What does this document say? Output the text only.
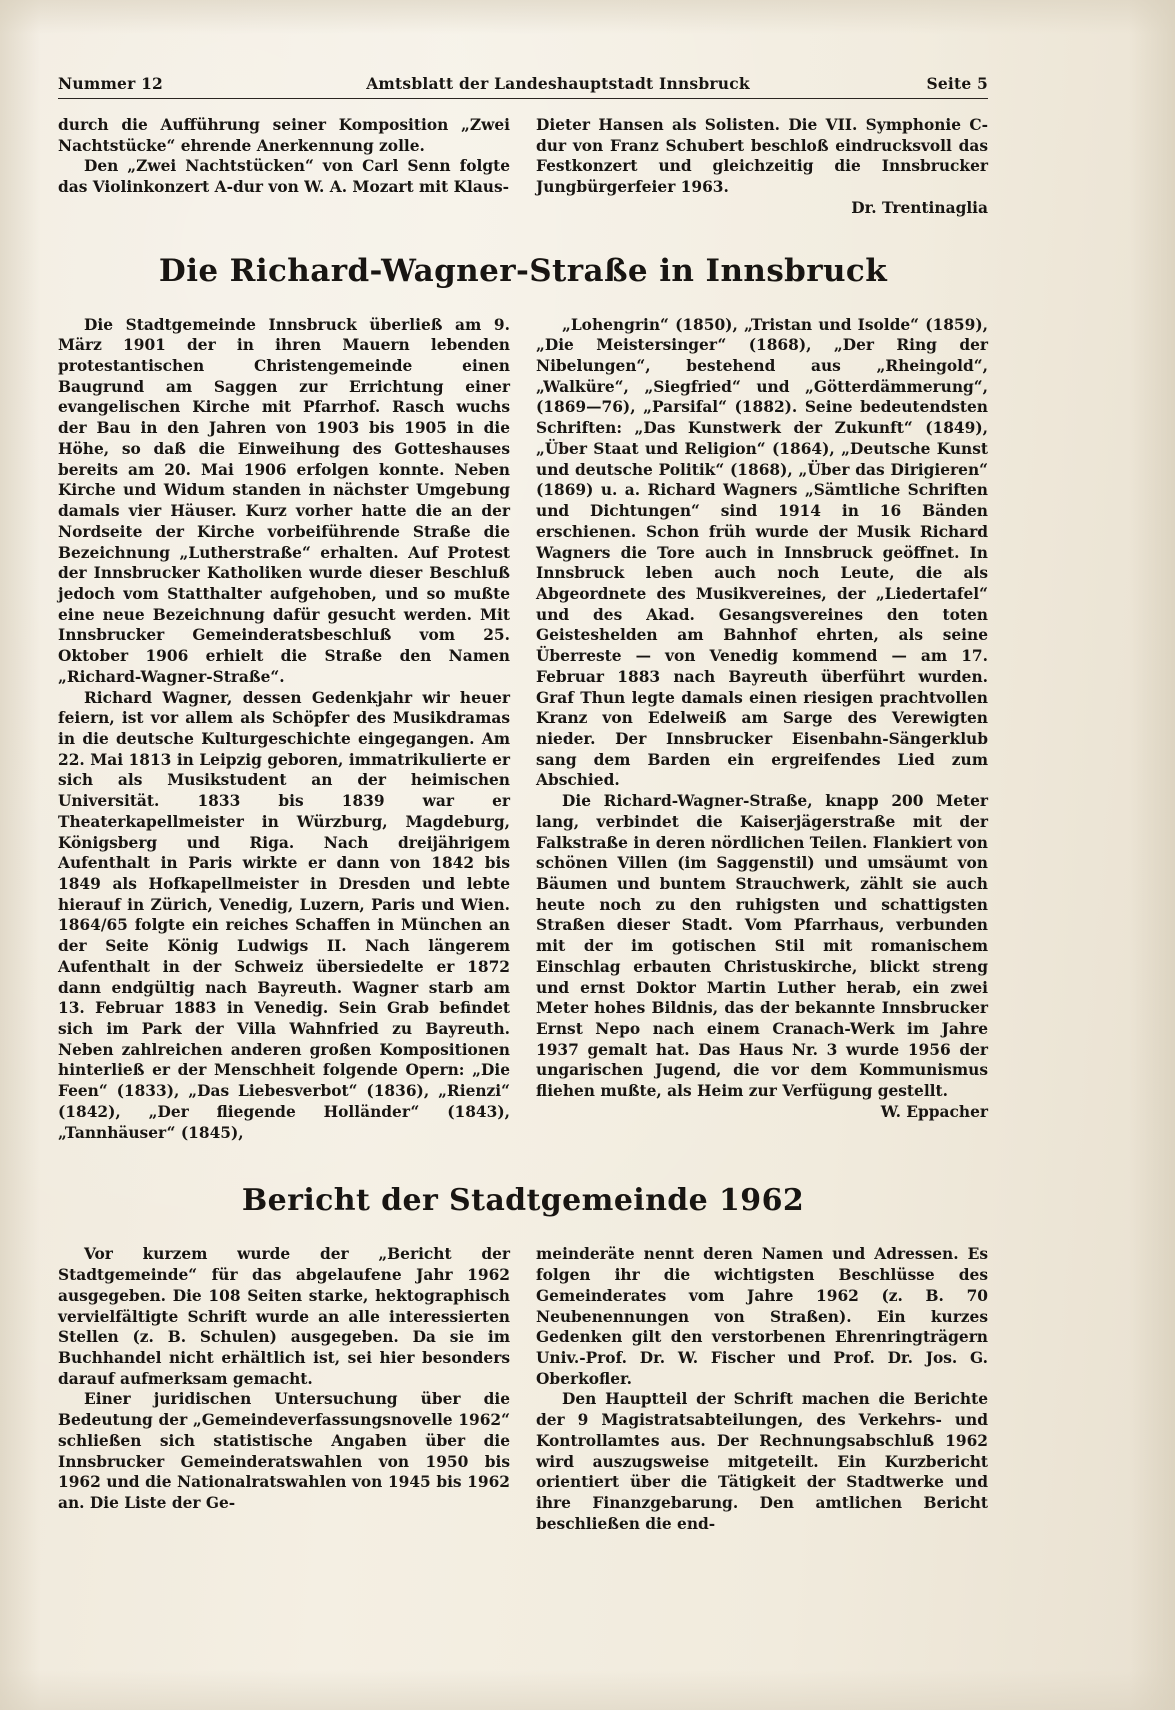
Nummer 12	Amtsblatt der Landeshauptstadt Innsbruck	Seite 5

durch die Aufführung seiner Komposition „Zwei Nachtstücke“ ehrende Anerkennung zolle.

Den „Zwei Nachtstücken“ von Carl Senn folgte das Violinkonzert A-dur von W. A. Mozart mit Klaus-

Dieter Hansen als Solisten. Die VII. Symphonie C-dur von Franz Schubert beschloß eindrucksvoll das Festkonzert und gleichzeitig die Innsbrucker Jungbürgerfeier 1963.

Dr. Trentinaglia

Die Richard-Wagner-Straße in Innsbruck

Die Stadtgemeinde Innsbruck überließ am 9. März 1901 der in ihren Mauern lebenden protestantischen Christengemeinde einen Baugrund am Saggen zur Errichtung einer evangelischen Kirche mit Pfarrhof. Rasch wuchs der Bau in den Jahren von 1903 bis 1905 in die Höhe, so daß die Einweihung des Gotteshauses bereits am 20. Mai 1906 erfolgen konnte. Neben Kirche und Widum standen in nächster Umgebung damals vier Häuser. Kurz vorher hatte die an der Nordseite der Kirche vorbeiführende Straße die Bezeichnung „Lutherstraße“ erhalten. Auf Protest der Innsbrucker Katholiken wurde dieser Beschluß jedoch vom Statthalter aufgehoben, und so mußte eine neue Bezeichnung dafür gesucht werden. Mit Innsbrucker Gemeinderatsbeschluß vom 25. Oktober 1906 erhielt die Straße den Namen „Richard-Wagner-Straße“.

Richard Wagner, dessen Gedenkjahr wir heuer feiern, ist vor allem als Schöpfer des Musikdramas in die deutsche Kulturgeschichte eingegangen. Am 22. Mai 1813 in Leipzig geboren, immatrikulierte er sich als Musikstudent an der heimischen Universität. 1833 bis 1839 war er Theaterkapellmeister in Würzburg, Magdeburg, Königsberg und Riga. Nach dreijährigem Aufenthalt in Paris wirkte er dann von 1842 bis 1849 als Hofkapellmeister in Dresden und lebte hierauf in Zürich, Venedig, Luzern, Paris und Wien. 1864/65 folgte ein reiches Schaffen in München an der Seite König Ludwigs II. Nach längerem Aufenthalt in der Schweiz übersiedelte er 1872 dann endgültig nach Bayreuth. Wagner starb am 13. Februar 1883 in Venedig. Sein Grab befindet sich im Park der Villa Wahnfried zu Bayreuth. Neben zahlreichen anderen großen Kompositionen hinterließ er der Menschheit folgende Opern: „Die Feen“ (1833), „Das Liebesverbot“ (1836), „Rienzi“ (1842), „Der fliegende Holländer“ (1843), „Tannhäuser“ (1845),

„Lohengrin“ (1850), „Tristan und Isolde“ (1859), „Die Meistersinger“ (1868), „Der Ring der Nibelungen“, bestehend aus „Rheingold“, „Walküre“, „Siegfried“ und „Götterdämmerung“, (1869—76), „Parsifal“ (1882). Seine bedeutendsten Schriften: „Das Kunstwerk der Zukunft“ (1849), „Über Staat und Religion“ (1864), „Deutsche Kunst und deutsche Politik“ (1868), „Über das Dirigieren“ (1869) u. a. Richard Wagners „Sämtliche Schriften und Dichtungen“ sind 1914 in 16 Bänden erschienen. Schon früh wurde der Musik Richard Wagners die Tore auch in Innsbruck geöffnet. In Innsbruck leben auch noch Leute, die als Abgeordnete des Musikvereines, der „Liedertafel“ und des Akad. Gesangsvereines den toten Geisteshelden am Bahnhof ehrten, als seine Überreste — von Venedig kommend — am 17. Februar 1883 nach Bayreuth überführt wurden. Graf Thun legte damals einen riesigen prachtvollen Kranz von Edelweiß am Sarge des Verewigten nieder. Der Innsbrucker Eisenbahn-Sängerklub sang dem Barden ein ergreifendes Lied zum Abschied.

Die Richard-Wagner-Straße, knapp 200 Meter lang, verbindet die Kaiserjägerstraße mit der Falkstraße in deren nördlichen Teilen. Flankiert von schönen Villen (im Saggenstil) und umsäumt von Bäumen und buntem Strauchwerk, zählt sie auch heute noch zu den ruhigsten und schattigsten Straßen dieser Stadt. Vom Pfarrhaus, verbunden mit der im gotischen Stil mit romanischem Einschlag erbauten Christuskirche, blickt streng und ernst Doktor Martin Luther herab, ein zwei Meter hohes Bildnis, das der bekannte Innsbrucker Ernst Nepo nach einem Cranach-Werk im Jahre 1937 gemalt hat. Das Haus Nr. 3 wurde 1956 der ungarischen Jugend, die vor dem Kommunismus fliehen mußte, als Heim zur Verfügung gestellt.

W. Eppacher

Bericht der Stadtgemeinde 1962

Vor kurzem wurde der „Bericht der Stadtgemeinde“ für das abgelaufene Jahr 1962 ausgegeben. Die 108 Seiten starke, hektographisch vervielfältigte Schrift wurde an alle interessierten Stellen (z. B. Schulen) ausgegeben. Da sie im Buchhandel nicht erhältlich ist, sei hier besonders darauf aufmerksam gemacht.

Einer juridischen Untersuchung über die Bedeutung der „Gemeindeverfassungsnovelle 1962“ schließen sich statistische Angaben über die Innsbrucker Gemeinderatswahlen von 1950 bis 1962 und die Nationalratswahlen von 1945 bis 1962 an. Die Liste der Ge-

meinderäte nennt deren Namen und Adressen. Es folgen ihr die wichtigsten Beschlüsse des Gemeinderates vom Jahre 1962 (z. B. 70 Neubenennungen von Straßen). Ein kurzes Gedenken gilt den verstorbenen Ehrenringträgern Univ.-Prof. Dr. W. Fischer und Prof. Dr. Jos. G. Oberkofler.

Den Hauptteil der Schrift machen die Berichte der 9 Magistratsabteilungen, des Verkehrs- und Kontrollamtes aus. Der Rechnungsabschluß 1962 wird auszugsweise mitgeteilt. Ein Kurzbericht orientiert über die Tätigkeit der Stadtwerke und ihre Finanzgebarung. Den amtlichen Bericht beschließen die end-
